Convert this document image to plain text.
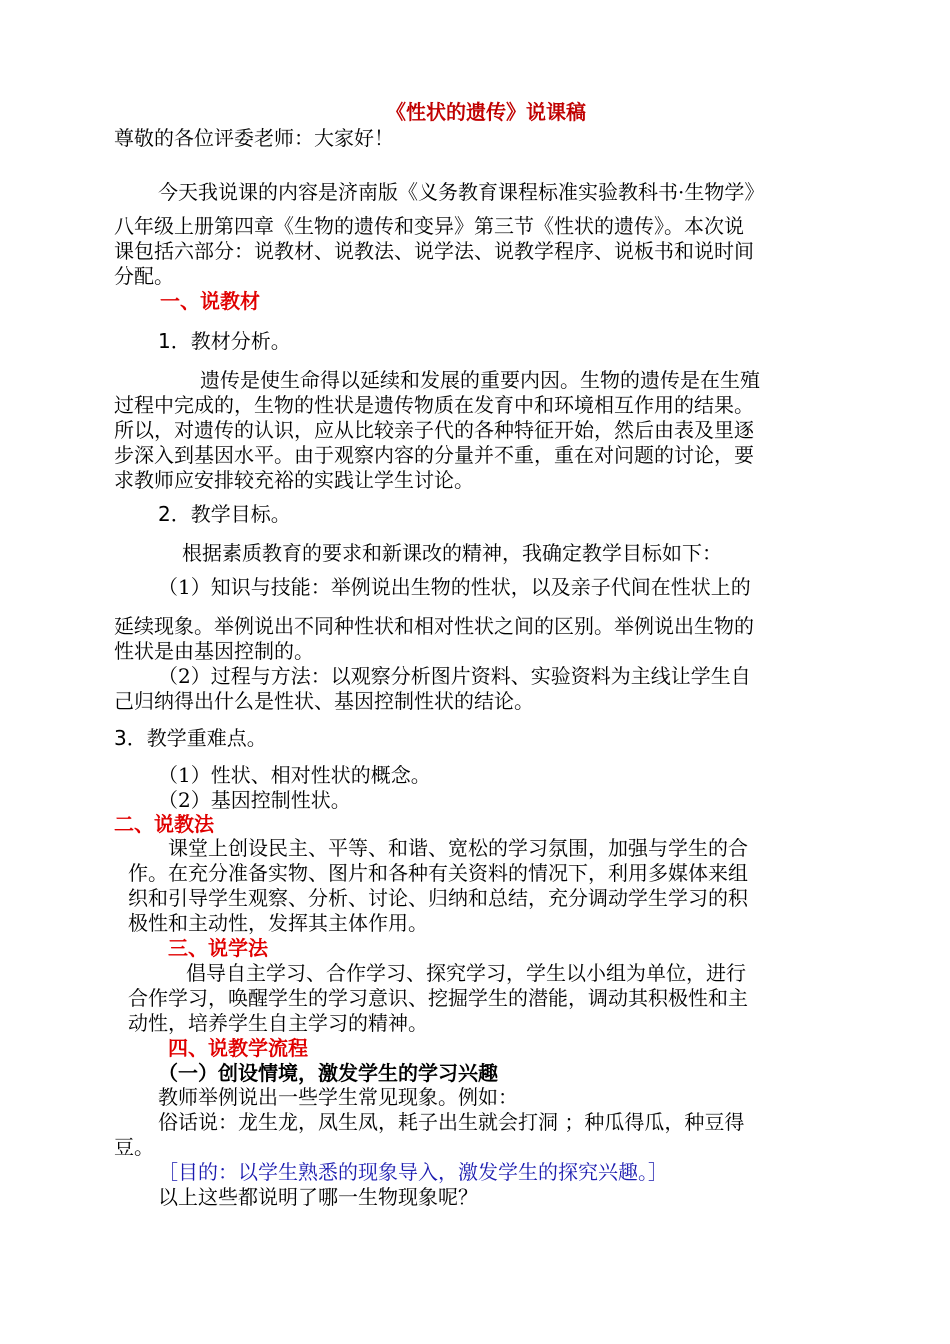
《性状的遗传》说课稿
尊敬的各位评委老师：大家好！
今天我说课的内容是济南版《义务教育课程标准实验教科书·生物学》
八年级上册第四章《生物的遗传和变异》第三节《性状的遗传》。本次说
课包括六部分：说教材、说教法、说学法、说教学程序、说板书和说时间
分配。
一、说教材
1．教材分析。
遗传是使生命得以延续和发展的重要内因。生物的遗传是在生殖
过程中完成的，生物的性状是遗传物质在发育中和环境相互作用的结果。
所以，对遗传的认识，应从比较亲子代的各种特征开始，然后由表及里逐
步深入到基因水平。由于观察内容的分量并不重，重在对问题的讨论，要
求教师应安排较充裕的实践让学生讨论。
2．教学目标。
根据素质教育的要求和新课改的精神，我确定教学目标如下：
（1）知识与技能：举例说出生物的性状，以及亲子代间在性状上的
延续现象。举例说出不同种性状和相对性状之间的区别。举例说出生物的
性状是由基因控制的。
（2）过程与方法：以观察分析图片资料、实验资料为主线让学生自
己归纳得出什么是性状、基因控制性状的结论。
3．教学重难点。
（1）性状、相对性状的概念。
（2）基因控制性状。
二、说教法
课堂上创设民主、平等、和谐、宽松的学习氛围，加强与学生的合
作。在充分准备实物、图片和各种有关资料的情况下，利用多媒体来组
织和引导学生观察、分析、讨论、归纳和总结，充分调动学生学习的积
极性和主动性，发挥其主体作用。
三、说学法
倡导自主学习、合作学习、探究学习，学生以小组为单位，进行
合作学习，唤醒学生的学习意识、挖掘学生的潜能，调动其积极性和主
动性，培养学生自主学习的精神。
四、说教学流程
（一）创设情境，激发学生的学习兴趣
教师举例说出一些学生常见现象。例如：
俗话说：龙生龙，凤生凤，耗子出生就会打洞 ；种瓜得瓜，种豆得
豆。
［目的：以学生熟悉的现象导入，激发学生的探究兴趣。］
以上这些都说明了哪一生物现象呢？
